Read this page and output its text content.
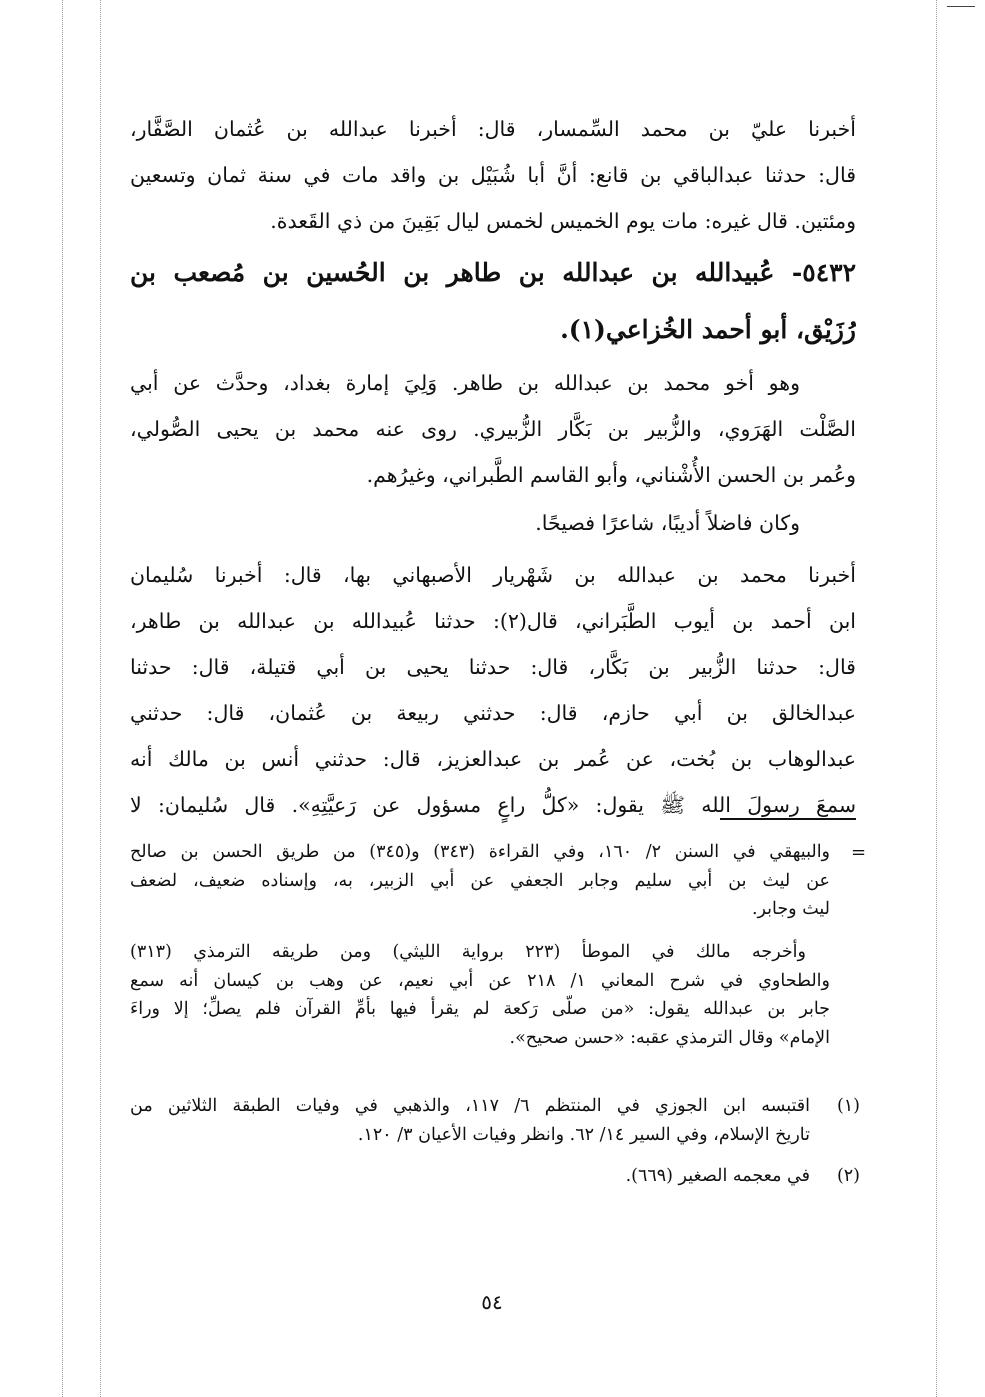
أخبرنا عليّ بن محمد السِّمسار، قال: أخبرنا عبدالله بن عُثمان الصَّفَّار،
قال: حدثنا عبدالباقي بن قانع: أنَّ أبا شُبَيْل بن واقد مات في سنة ثمان وتسعين
ومئتين. قال غيره: مات يوم الخميس لخمس ليال بَقِينَ من ذي القَعدة.
٥٤٣٢- عُبيدالله بن عبدالله بن طاهر بن الحُسين بن مُصعب بن
رُزَيْق، أبو أحمد الخُزاعي(١).
وهو أخو محمد بن عبدالله بن طاهر. وَلِيَ إمارة بغداد، وحدَّث عن أبي
الصَّلْت الهَرَوي، والزُّبير بن بَكَّار الزُّبيري. روى عنه محمد بن يحيى الصُّولي،
وعُمر بن الحسن الأُشْناني، وأبو القاسم الطَّبراني، وغيرُهم.
وكان فاضلاً أديبًا، شاعرًا فصيحًا.
أخبرنا محمد بن عبدالله بن شَهْريار الأصبهاني بها، قال: أخبرنا سُليمان
ابن أحمد بن أيوب الطَّبَراني، قال(٢): حدثنا عُبيدالله بن عبدالله بن طاهر،
قال: حدثنا الزُّبير بن بَكَّار، قال: حدثنا يحيى بن أبي قتيلة، قال: حدثنا
عبدالخالق بن أبي حازم، قال: حدثني ربيعة بن عُثمان، قال: حدثني
عبدالوهاب بن بُخت، عن عُمر بن عبدالعزيز، قال: حدثني أنس بن مالك أنه
سمعَ رسولَ الله ﷺ يقول: «كلُّ راعٍ مسؤول عن رَعيَّتِهِ». قال سُليمان: لا
=
والبيهقي في السنن ٢/ ١٦٠، وفي القراءة (٣٤٣) و(٣٤٥) من طريق الحسن بن صالح
عن ليث بن أبي سليم وجابر الجعفي عن أبي الزبير، به، وإسناده ضعيف، لضعف
ليث وجابر.
وأخرجه مالك في الموطأ (٢٢٣ برواية الليثي) ومن طريقه الترمذي (٣١٣)
والطحاوي في شرح المعاني ١/ ٢١٨ عن أبي نعيم، عن وهب بن كيسان أنه سمع
جابر بن عبدالله يقول: «من صلَّى رَكعة لم يقرأ فيها بأمِّ القرآن فلم يصلِّ؛ إلا وراءَ
الإمام» وقال الترمذي عقبه: «حسن صحيح».
(١)
اقتبسه ابن الجوزي في المنتظم ٦/ ١١٧، والذهبي في وفيات الطبقة الثلاثين من
تاريخ الإسلام، وفي السير ١٤/ ٦٢. وانظر وفيات الأعيان ٣/ ١٢٠.
(٢)
في معجمه الصغير (٦٦٩).
٥٤
